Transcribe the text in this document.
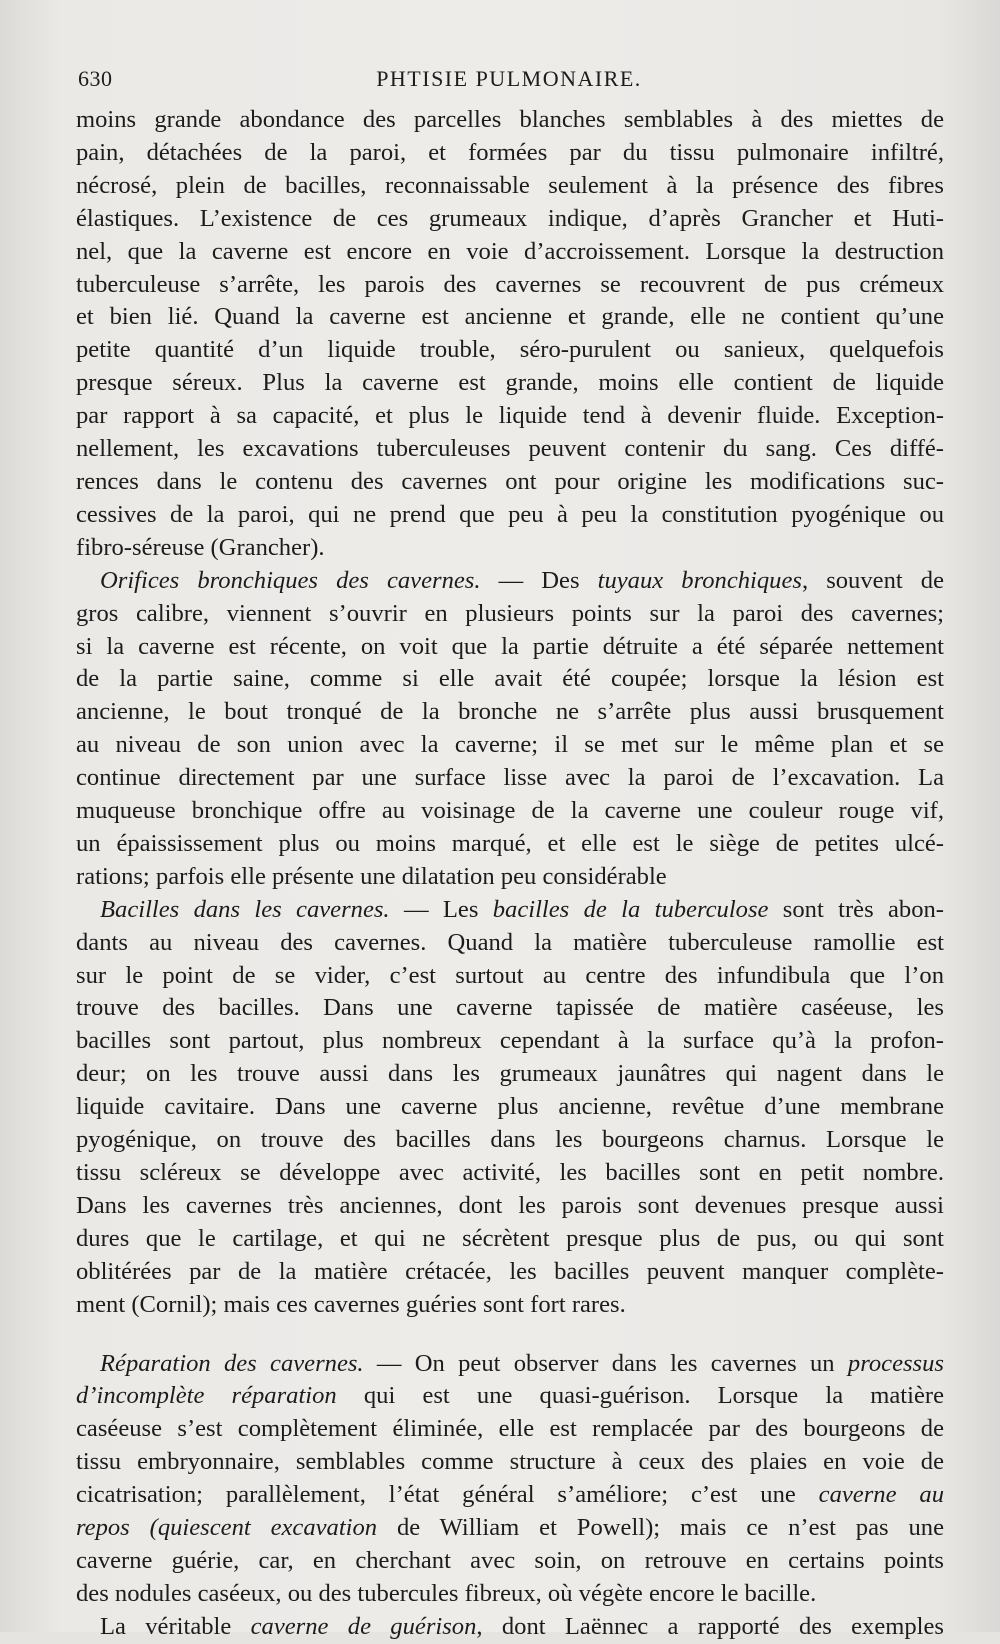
630	PHTISIE PULMONAIRE.

moins grande abondance des parcelles blanches semblables à des miettes de
pain, détachées de la paroi, et formées par du tissu pulmonaire infiltré,
nécrosé, plein de bacilles, reconnaissable seulement à la présence des fibres
élastiques. L’existence de ces grumeaux indique, d’après Grancher et Huti-
nel, que la caverne est encore en voie d’accroissement. Lorsque la destruction
tuberculeuse s’arrête, les parois des cavernes se recouvrent de pus crémeux
et bien lié. Quand la caverne est ancienne et grande, elle ne contient qu’une
petite quantité d’un liquide trouble, séro-purulent ou sanieux, quelquefois
presque séreux. Plus la caverne est grande, moins elle contient de liquide
par rapport à sa capacité, et plus le liquide tend à devenir fluide. Exception-
nellement, les excavations tuberculeuses peuvent contenir du sang. Ces diffé-
rences dans le contenu des cavernes ont pour origine les modifications suc-
cessives de la paroi, qui ne prend que peu à peu la constitution pyogénique ou
fibro-séreuse (Grancher).

Orifices bronchiques des cavernes. — Des tuyaux bronchiques, souvent de
gros calibre, viennent s’ouvrir en plusieurs points sur la paroi des cavernes;
si la caverne est récente, on voit que la partie détruite a été séparée nettement
de la partie saine, comme si elle avait été coupée; lorsque la lésion est
ancienne, le bout tronqué de la bronche ne s’arrête plus aussi brusquement
au niveau de son union avec la caverne; il se met sur le même plan et se
continue directement par une surface lisse avec la paroi de l’excavation. La
muqueuse bronchique offre au voisinage de la caverne une couleur rouge vif,
un épaississement plus ou moins marqué, et elle est le siège de petites ulcé-
rations; parfois elle présente une dilatation peu considérable

Bacilles dans les cavernes. — Les bacilles de la tuberculose sont très abon-
dants au niveau des cavernes. Quand la matière tuberculeuse ramollie est
sur le point de se vider, c’est surtout au centre des infundibula que l’on
trouve des bacilles. Dans une caverne tapissée de matière caséeuse, les
bacilles sont partout, plus nombreux cependant à la surface qu’à la profon-
deur; on les trouve aussi dans les grumeaux jaunâtres qui nagent dans le
liquide cavitaire. Dans une caverne plus ancienne, revêtue d’une membrane
pyogénique, on trouve des bacilles dans les bourgeons charnus. Lorsque le
tissu scléreux se développe avec activité, les bacilles sont en petit nombre.
Dans les cavernes très anciennes, dont les parois sont devenues presque aussi
dures que le cartilage, et qui ne sécrètent presque plus de pus, ou qui sont
oblitérées par de la matière crétacée, les bacilles peuvent manquer complète-
ment (Cornil); mais ces cavernes guéries sont fort rares.

Réparation des cavernes. — On peut observer dans les cavernes un processus
d’incomplète réparation qui est une quasi-guérison. Lorsque la matière
caséeuse s’est complètement éliminée, elle est remplacée par des bourgeons de
tissu embryonnaire, semblables comme structure à ceux des plaies en voie de
cicatrisation; parallèlement, l’état général s’améliore; c’est une caverne au
repos (quiescent excavation de William et Powell); mais ce n’est pas une
caverne guérie, car, en cherchant avec soin, on retrouve en certains points
des nodules caséeux, ou des tubercules fibreux, où végète encore le bacille.

La véritable caverne de guérison, dont Laënnec a rapporté des exemples
